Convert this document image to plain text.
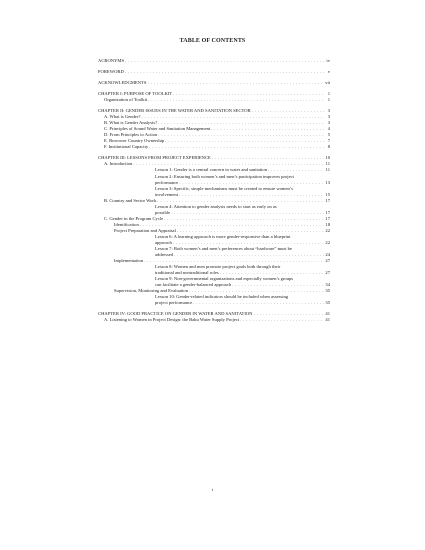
TABLE OF CONTENTS
ACRONYMS . . .	iv
FOREWORD . . .	v
ACKNOWLEDGMENTS . . .	vii
CHAPTER I: PURPOSE OF TOOLKIT . . .	1
Organization of Toolkit . . .	1
CHAPTER II: GENDER ISSUES IN THE WATER AND SANITATION SECTOR . . .	3
A. What is Gender? . . .	3
B. What is Gender Analysis? . . .	3
C. Principles of Sound Water and Sanitation Management . . .	4
D. From Principles to Action . . .	5
E. Borrower Country Ownership . . .	7
F. Institutional Capacity . . .	8
CHAPTER III: LESSONS FROM PROJECT EXPERIENCE . . .	10
A. Introduction . . .	11
Lesson 1: Gender is a central concern in water and sanitation . . .	11
Lesson 2: Ensuring both women’s and men’s participation improves project
performance . . .	13
Lesson 3: Specific, simple mechanisms must be created to ensure women’s
involvement . . .	15
B. Country and Sector Work . . .	17
Lesson 4: Attention to gender analysis needs to start as early on as
possible . . .	17
C. Gender in the Program Cycle . . .	17
Identification . . .	18
Project Preparation and Appraisal . . .	22
Lesson 6: A learning approach is more gender-responsive than a blueprint
approach . . .	22
Lesson 7: Both women’s and men’s preferences about “hardware” must be
addressed . . .	24
Implementation . . .	27
Lesson 8: Women and men promote project goals both through their
traditional and nontraditional roles . . .	27
Lesson 9: Non-governmental organizations and especially women’s groups
can facilitate a gender-balanced approach . . .	34
Supervision, Monitoring and Evaluation . . .	35
Lesson 10: Gender-related indicators should be included when assessing
project performance . . .	35
CHAPTER IV: GOOD PRACTICE ON GENDER IN WATER AND SANITATION . . .	41
A. Listening to Women in Project Design: the Baku Water Supply Project . . .	41
i
